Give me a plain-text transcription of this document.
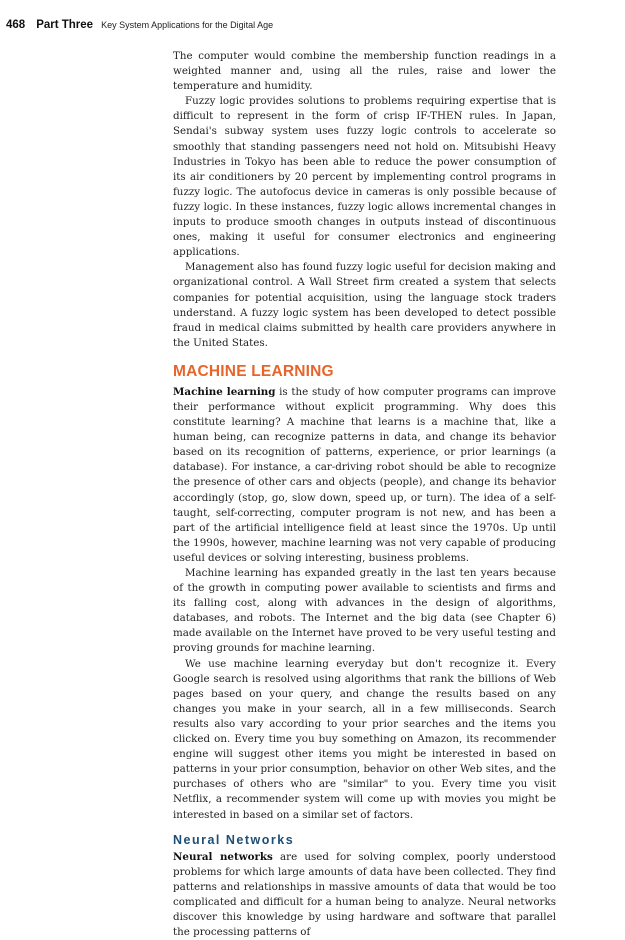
468 Part Three Key System Applications for the Digital Age

The computer would combine the membership function readings in a weighted manner and, using all the rules, raise and lower the temperature and humidity.

Fuzzy logic provides solutions to problems requiring expertise that is difficult to represent in the form of crisp IF-THEN rules. In Japan, Sendai's subway system uses fuzzy logic controls to accelerate so smoothly that standing passengers need not hold on. Mitsubishi Heavy Industries in Tokyo has been able to reduce the power consumption of its air conditioners by 20 percent by implementing control programs in fuzzy logic. The autofocus device in cameras is only possible because of fuzzy logic. In these instances, fuzzy logic allows incremental changes in inputs to produce smooth changes in outputs instead of discontinuous ones, making it useful for consumer electronics and engineering applications.

Management also has found fuzzy logic useful for decision making and organizational control. A Wall Street firm created a system that selects companies for potential acquisition, using the language stock traders understand. A fuzzy logic system has been developed to detect possible fraud in medical claims submitted by health care providers anywhere in the United States.

MACHINE LEARNING

Machine learning is the study of how computer programs can improve their performance without explicit programming. Why does this constitute learning? A machine that learns is a machine that, like a human being, can recognize patterns in data, and change its behavior based on its recognition of patterns, experience, or prior learnings (a database). For instance, a car-driving robot should be able to recognize the presence of other cars and objects (people), and change its behavior accordingly (stop, go, slow down, speed up, or turn). The idea of a self-taught, self-correcting, computer program is not new, and has been a part of the artificial intelligence field at least since the 1970s. Up until the 1990s, however, machine learning was not very capable of producing useful devices or solving interesting, business problems.

Machine learning has expanded greatly in the last ten years because of the growth in computing power available to scientists and firms and its falling cost, along with advances in the design of algorithms, databases, and robots. The Internet and the big data (see Chapter 6) made available on the Internet have proved to be very useful testing and proving grounds for machine learning.

We use machine learning everyday but don't recognize it. Every Google search is resolved using algorithms that rank the billions of Web pages based on your query, and change the results based on any changes you make in your search, all in a few milliseconds. Search results also vary according to your prior searches and the items you clicked on. Every time you buy something on Amazon, its recommender engine will suggest other items you might be interested in based on patterns in your prior consumption, behavior on other Web sites, and the purchases of others who are "similar" to you. Every time you visit Netflix, a recommender system will come up with movies you might be interested in based on a similar set of factors.

Neural Networks

Neural networks are used for solving complex, poorly understood problems for which large amounts of data have been collected. They find patterns and relationships in massive amounts of data that would be too complicated and difficult for a human being to analyze. Neural networks discover this knowledge by using hardware and software that parallel the processing patterns of
